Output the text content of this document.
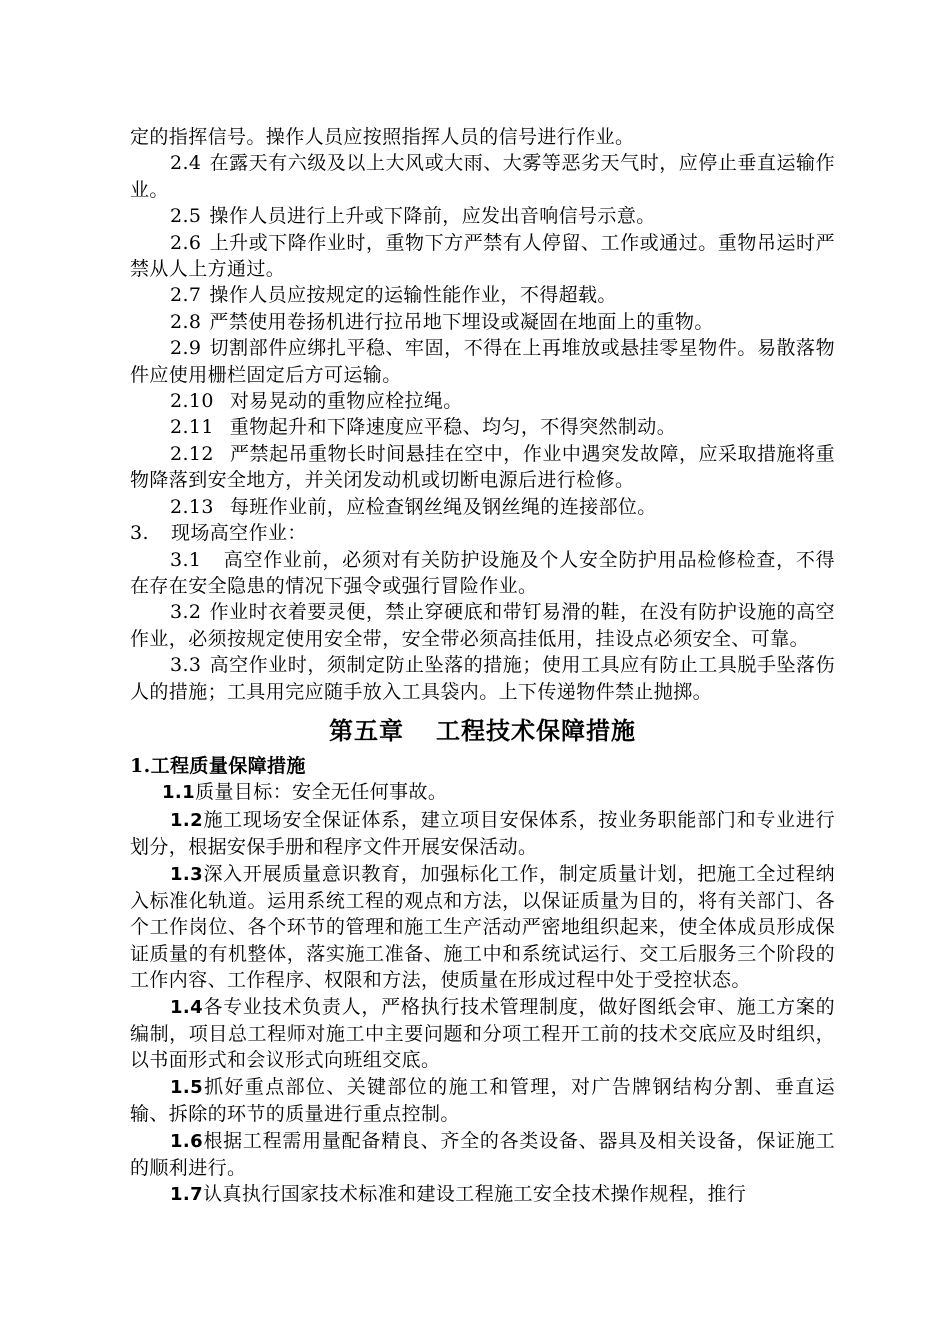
定的指挥信号。操作人员应按照指挥人员的信号进行作业。

2.4 在露天有六级及以上大风或大雨、大雾等恶劣天气时，应停止垂直运输作业。

2.5 操作人员进行上升或下降前，应发出音响信号示意。

2.6 上升或下降作业时，重物下方严禁有人停留、工作或通过。重物吊运时严禁从人上方通过。

2.7 操作人员应按规定的运输性能作业，不得超载。

2.8 严禁使用卷扬机进行拉吊地下埋设或凝固在地面上的重物。

2.9 切割部件应绑扎平稳、牢固，不得在上再堆放或悬挂零星物件。易散落物件应使用栅栏固定后方可运输。

2.10 对易晃动的重物应栓拉绳。

2.11 重物起升和下降速度应平稳、均匀，不得突然制动。

2.12 严禁起吊重物长时间悬挂在空中，作业中遇突发故障，应采取措施将重物降落到安全地方，并关闭发动机或切断电源后进行检修。

2.13 每班作业前，应检查钢丝绳及钢丝绳的连接部位。

3. 现场高空作业：

3.1 高空作业前，必须对有关防护设施及个人安全防护用品检修检查，不得在存在安全隐患的情况下强令或强行冒险作业。

3.2 作业时衣着要灵便，禁止穿硬底和带钉易滑的鞋，在没有防护设施的高空作业，必须按规定使用安全带，安全带必须高挂低用，挂设点必须安全、可靠。

3.3 高空作业时，须制定防止坠落的措施；使用工具应有防止工具脱手坠落伤人的措施；工具用完应随手放入工具袋内。上下传递物件禁止抛掷。

第五章 工程技术保障措施

1.工程质量保障措施

1.1质量目标：安全无任何事故。

1.2施工现场安全保证体系，建立项目安保体系，按业务职能部门和专业进行划分，根据安保手册和程序文件开展安保活动。

1.3深入开展质量意识教育，加强标化工作，制定质量计划，把施工全过程纳入标准化轨道。运用系统工程的观点和方法，以保证质量为目的，将有关部门、各个工作岗位、各个环节的管理和施工生产活动严密地组织起来，使全体成员形成保证质量的有机整体，落实施工准备、施工中和系统试运行、交工后服务三个阶段的工作内容、工作程序、权限和方法，使质量在形成过程中处于受控状态。

1.4各专业技术负责人，严格执行技术管理制度，做好图纸会审、施工方案的编制，项目总工程师对施工中主要问题和分项工程开工前的技术交底应及时组织，以书面形式和会议形式向班组交底。

1.5抓好重点部位、关键部位的施工和管理，对广告牌钢结构分割、垂直运输、拆除的环节的质量进行重点控制。

1.6根据工程需用量配备精良、齐全的各类设备、器具及相关设备，保证施工的顺利进行。

1.7认真执行国家技术标准和建设工程施工安全技术操作规程，推行
